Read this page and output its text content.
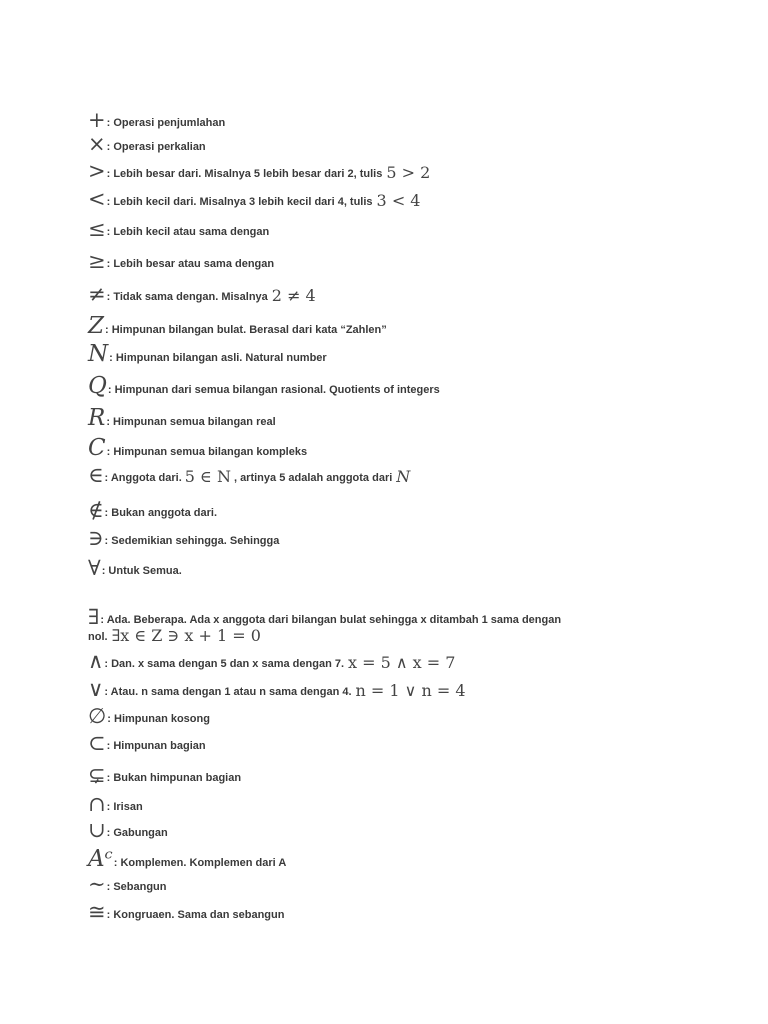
+ : Operasi penjumlahan
× : Operasi perkalian
> : Lebih besar dari. Misalnya 5 lebih besar dari 2, tulis 5 > 2
< : Lebih kecil dari. Misalnya 3 lebih kecil dari 4, tulis 3 < 4
≤ : Lebih kecil atau sama dengan
≥ : Lebih besar atau sama dengan
≠ : Tidak sama dengan. Misalnya 2 ≠ 4
Z : Himpunan bilangan bulat. Berasal dari kata “Zahlen”
N : Himpunan bilangan asli. Natural number
Q : Himpunan dari semua bilangan rasional. Quotients of integers
R : Himpunan semua bilangan real
C : Himpunan semua bilangan kompleks
∈ : Anggota dari. 5 ∈ N , artinya 5 adalah anggota dari N
∉ : Bukan anggota dari.
∋ : Sedemikian sehingga. Sehingga
∀ : Untuk Semua.
∃ : Ada. Beberapa. Ada x anggota dari bilangan bulat sehingga x ditambah 1 sama dengan
nol. ∃x ∈ Z ∋ x + 1 = 0
∧ : Dan. x sama dengan 5 dan x sama dengan 7. x = 5 ∧ x = 7
∨ : Atau. n sama dengan 1 atau n sama dengan 4. n = 1 ∨ n = 4
∅ : Himpunan kosong
⊂ : Himpunan bagian
⊊ : Bukan himpunan bagian
∩ : Irisan
∪ : Gabungan
Aᶜ : Komplemen. Komplemen dari A
∼ : Sebangun
≅ : Kongruaen. Sama dan sebangun
